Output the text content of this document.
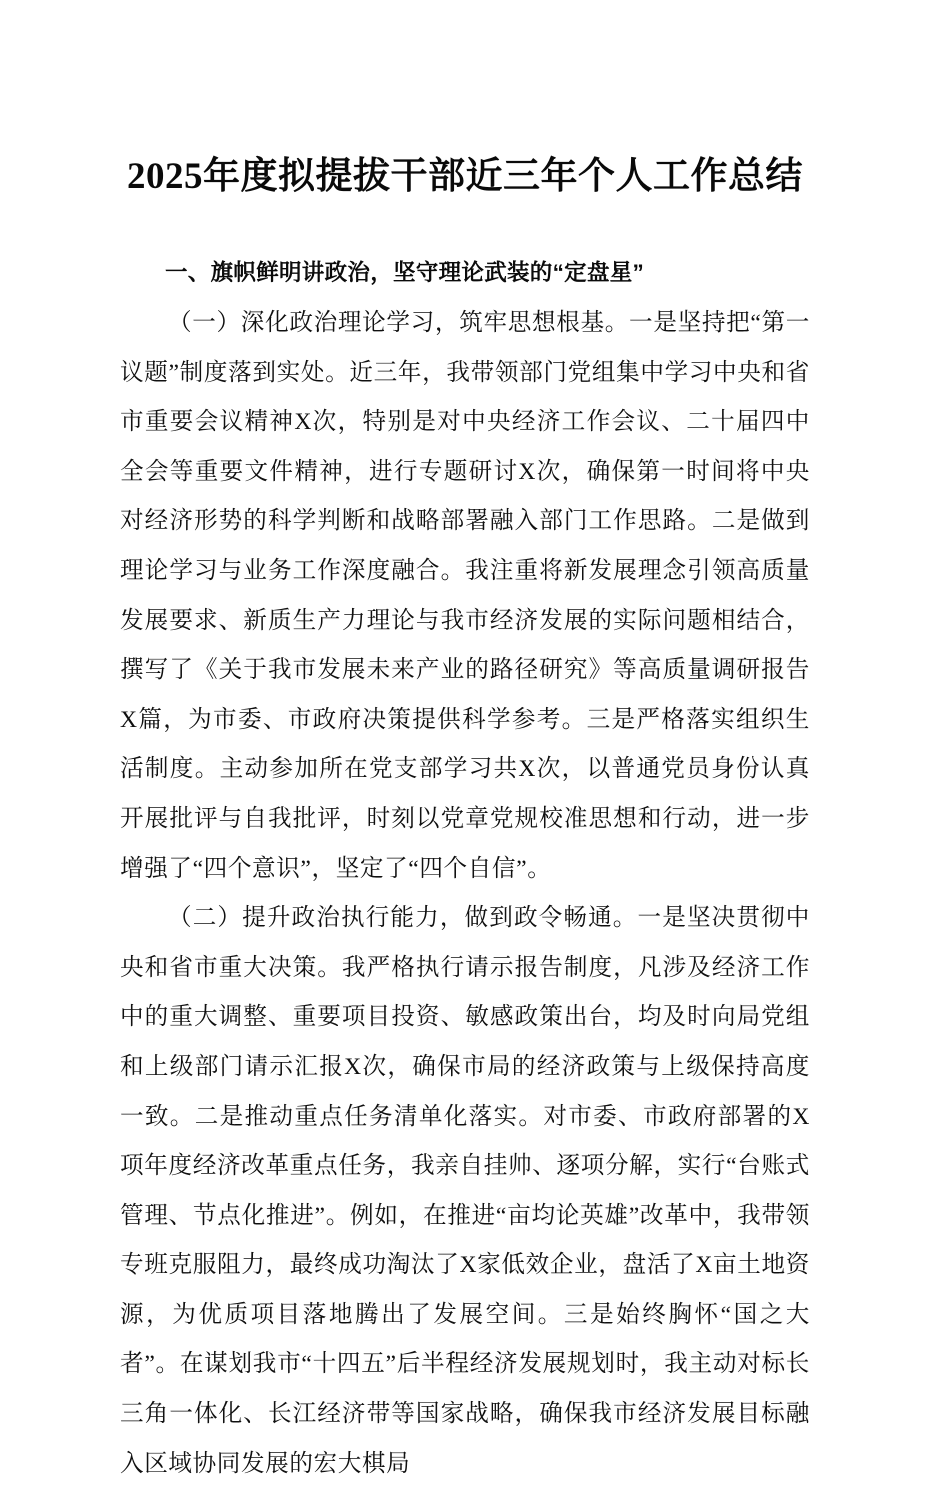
2025年度拟提拔干部近三年个人工作总结
一、旗帜鲜明讲政治，坚守理论武装的“定盘星”

（一）深化政治理论学习，筑牢思想根基。一是坚持把“第一议题”制度落到实处。近三年，我带领部门党组集中学习中央和省市重要会议精神X次，特别是对中央经济工作会议、二十届四中全会等重要文件精神，进行专题研讨X次，确保第一时间将中央对经济形势的科学判断和战略部署融入部门工作思路。二是做到理论学习与业务工作深度融合。我注重将新发展理念引领高质量发展要求、新质生产力理论与我市经济发展的实际问题相结合，撰写了《关于我市发展未来产业的路径研究》等高质量调研报告X篇，为市委、市政府决策提供科学参考。三是严格落实组织生活制度。主动参加所在党支部学习共X次，以普通党员身份认真开展批评与自我批评，时刻以党章党规校准思想和行动，进一步增强了“四个意识”，坚定了“四个自信”。

（二）提升政治执行能力，做到政令畅通。一是坚决贯彻中央和省市重大决策。我严格执行请示报告制度，凡涉及经济工作中的重大调整、重要项目投资、敏感政策出台，均及时向局党组和上级部门请示汇报X次，确保市局的经济政策与上级保持高度一致。二是推动重点任务清单化落实。对市委、市政府部署的X项年度经济改革重点任务，我亲自挂帅、逐项分解，实行“台账式管理、节点化推进”。例如，在推进“亩均论英雄”改革中，我带领专班克服阻力，最终成功淘汰了X家低效企业，盘活了X亩土地资源，为优质项目落地腾出了发展空间。三是始终胸怀“国之大者”。在谋划我市“十四五”后半程经济发展规划时，我主动对标长三角一体化、长江经济带等国家战略，确保我市经济发展目标融入区域协同发展的宏大棋局
